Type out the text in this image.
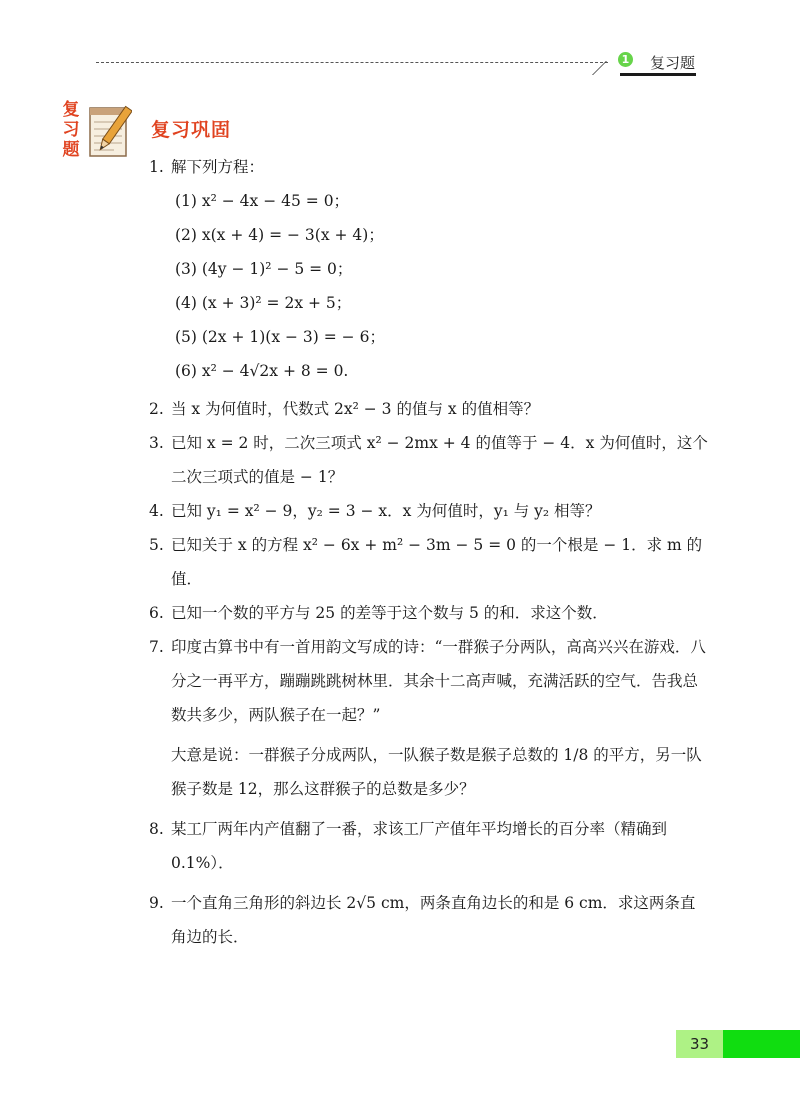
1 复习题
复
习
题
复习巩固
1. 解下列方程：
(1) x² − 4x − 45 = 0；
(2) x(x + 4) = − 3(x + 4)；
(3) (4y − 1)² − 5 = 0；
(4) (x + 3)² = 2x + 5；
(5) (2x + 1)(x − 3) = − 6；
(6) x² − 4√2x + 8 = 0.
2. 当 x 为何值时，代数式 2x² − 3 的值与 x 的值相等？
3. 已知 x = 2 时，二次三项式 x² − 2mx + 4 的值等于 − 4．x 为何值时，这个二次三项式的值是 − 1？
4. 已知 y₁ = x² − 9，y₂ = 3 − x．x 为何值时，y₁ 与 y₂ 相等？
5. 已知关于 x 的方程 x² − 6x + m² − 3m − 5 = 0 的一个根是 − 1．求 m 的值．
6. 已知一个数的平方与 25 的差等于这个数与 5 的和．求这个数．
7. 印度古算书中有一首用韵文写成的诗：“一群猴子分两队，高高兴兴在游戏．八分之一再平方，蹦蹦跳跳树林里．其余十二高声喊，充满活跃的空气．告我总数共多少，两队猴子在一起？”
大意是说：一群猴子分成两队，一队猴子数是猴子总数的 1/8 的平方，另一队猴子数是 12，那么这群猴子的总数是多少？
8. 某工厂两年内产值翻了一番，求该工厂产值年平均增长的百分率（精确到 0.1%）．
9. 一个直角三角形的斜边长 2√5 cm，两条直角边长的和是 6 cm．求这两条直角边的长．
33
